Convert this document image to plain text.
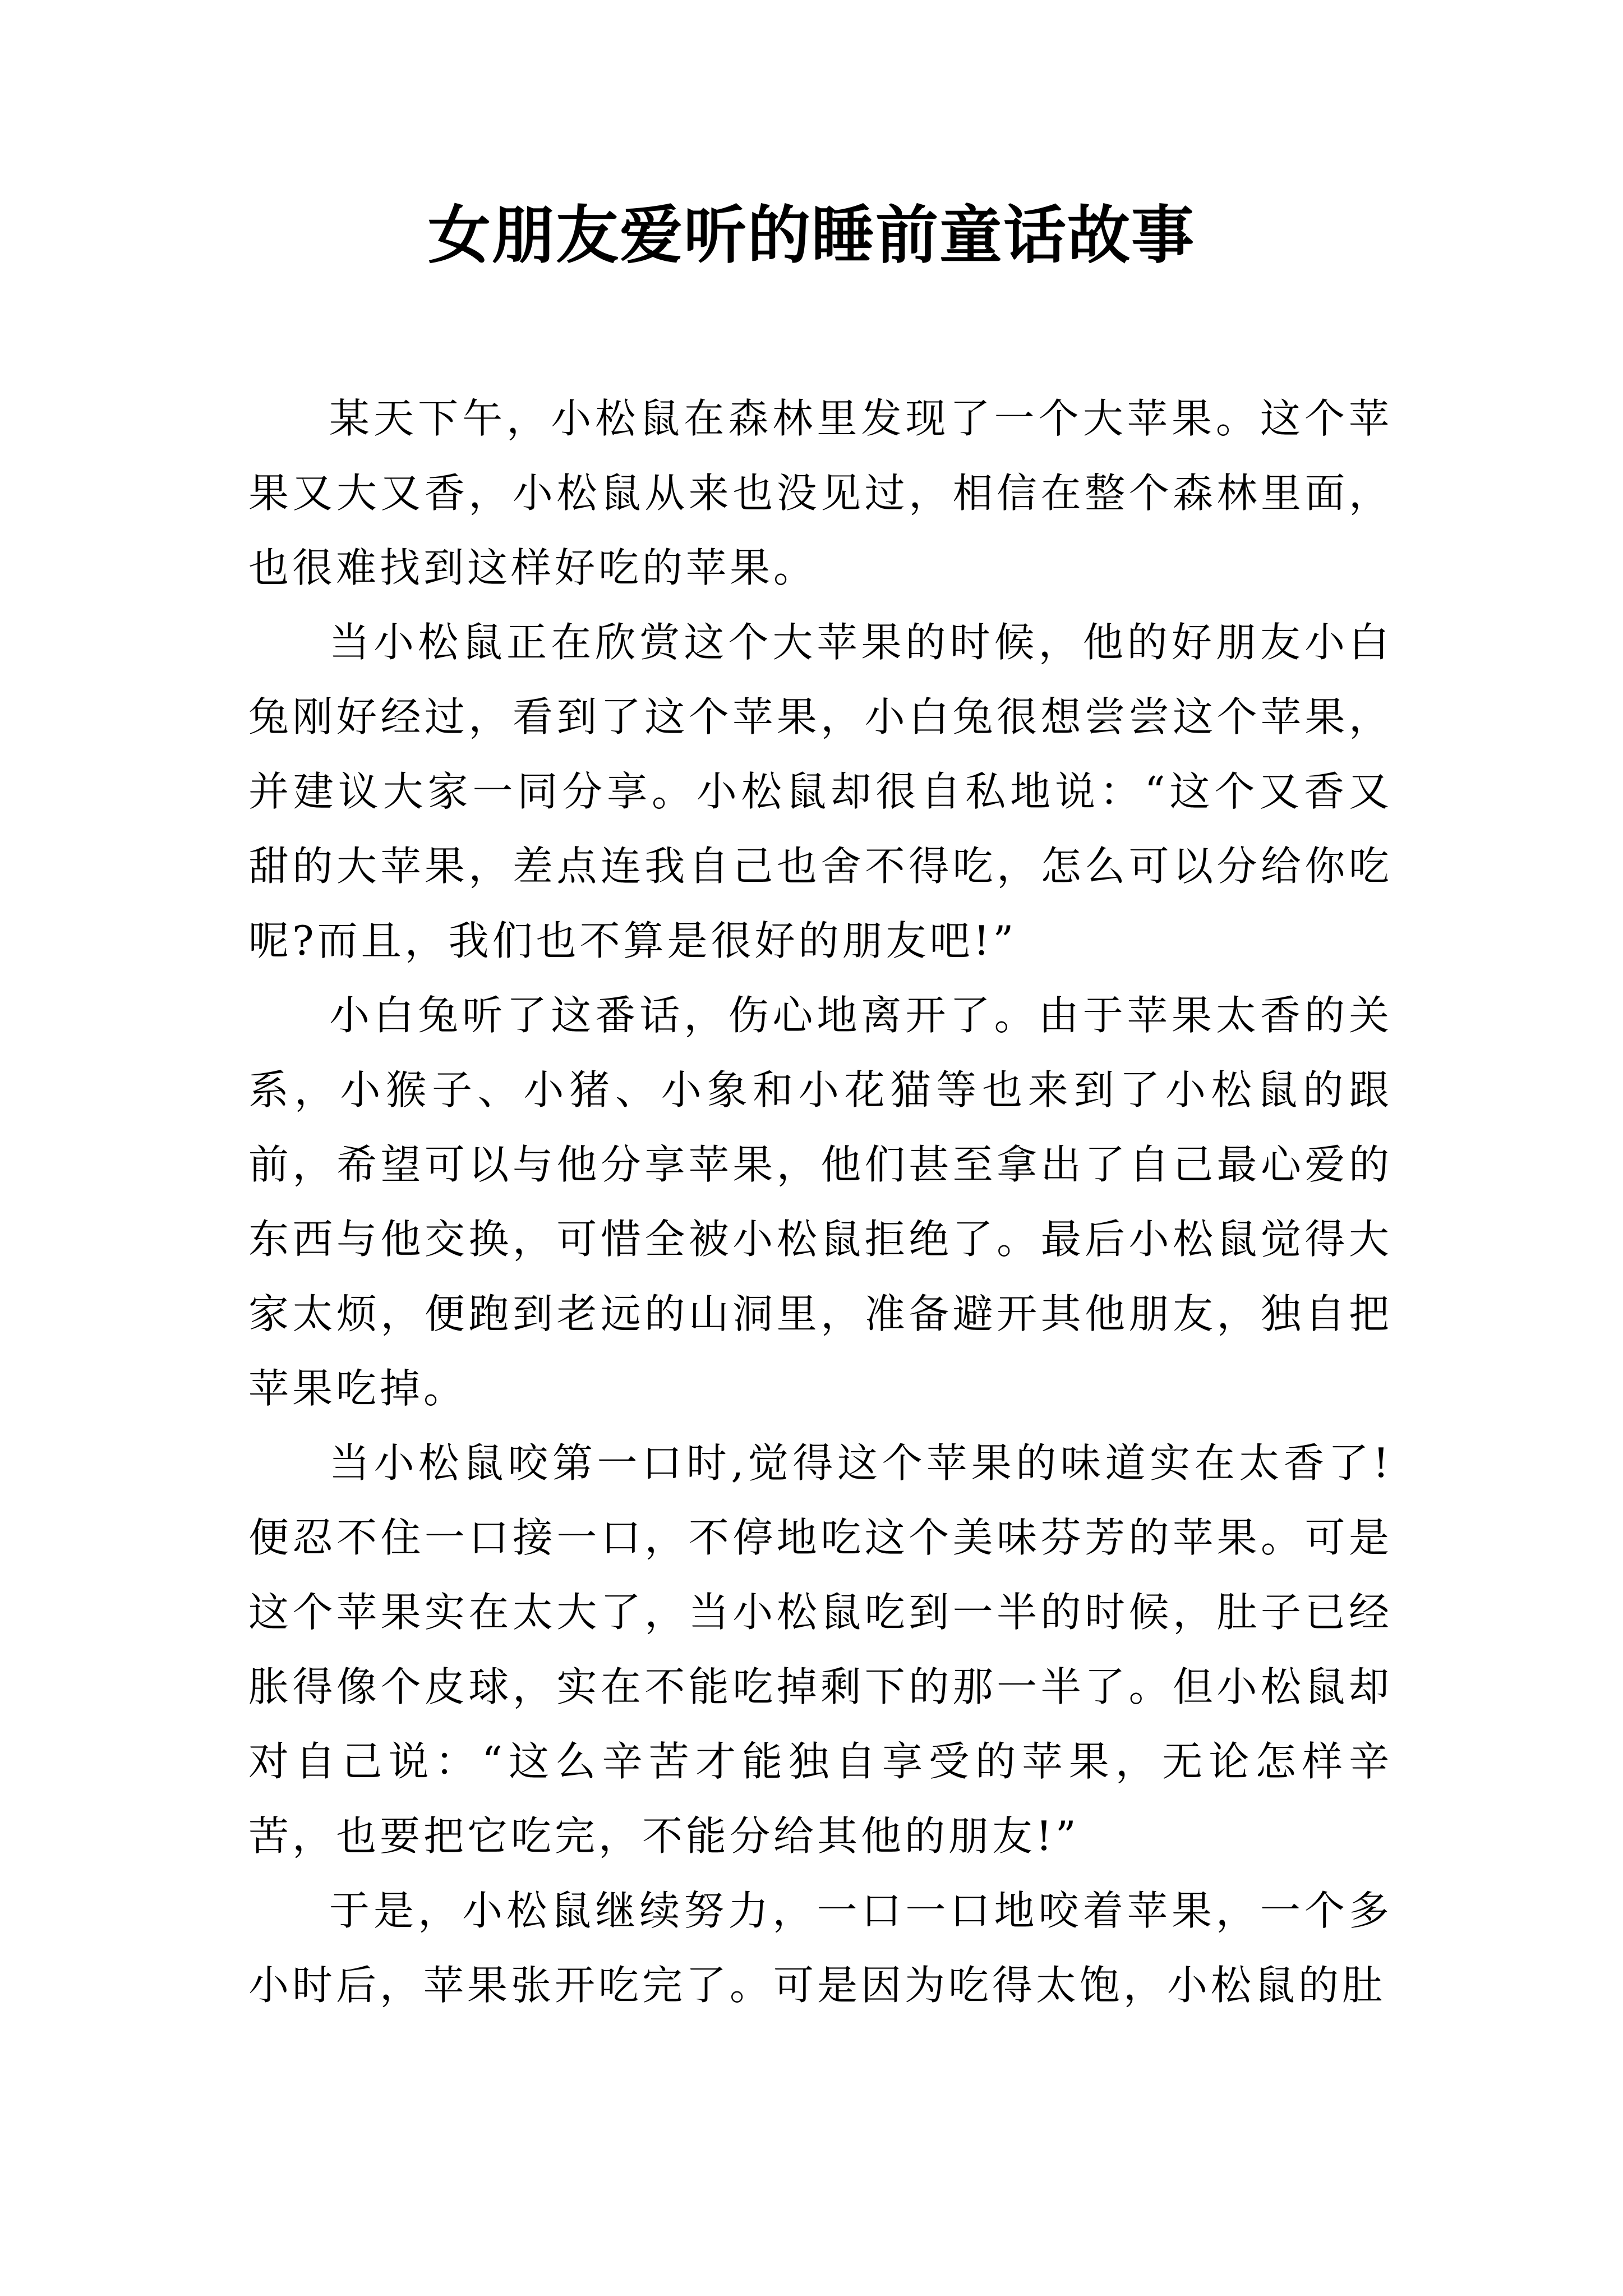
女朋友爱听的睡前童话故事

某天下午，小松鼠在森林里发现了一个大苹果。这个苹果又大又香，小松鼠从来也没见过，相信在整个森林里面，也很难找到这样好吃的苹果。

当小松鼠正在欣赏这个大苹果的时候，他的好朋友小白兔刚好经过，看到了这个苹果，小白兔很想尝尝这个苹果，并建议大家一同分享。小松鼠却很自私地说：“这个又香又甜的大苹果，差点连我自己也舍不得吃，怎么可以分给你吃呢?而且，我们也不算是很好的朋友吧!”

小白兔听了这番话，伤心地离开了。由于苹果太香的关系，小猴子、小猪、小象和小花猫等也来到了小松鼠的跟前，希望可以与他分享苹果，他们甚至拿出了自己最心爱的东西与他交换，可惜全被小松鼠拒绝了。最后小松鼠觉得大家太烦，便跑到老远的山洞里，准备避开其他朋友，独自把苹果吃掉。

当小松鼠咬第一口时,觉得这个苹果的味道实在太香了!便忍不住一口接一口，不停地吃这个美味芬芳的苹果。可是这个苹果实在太大了，当小松鼠吃到一半的时候，肚子已经胀得像个皮球，实在不能吃掉剩下的那一半了。但小松鼠却对自己说：“这么辛苦才能独自享受的苹果，无论怎样辛苦，也要把它吃完，不能分给其他的朋友!”

于是，小松鼠继续努力，一口一口地咬着苹果，一个多小时后，苹果张开吃完了。可是因为吃得太饱，小松鼠的肚
